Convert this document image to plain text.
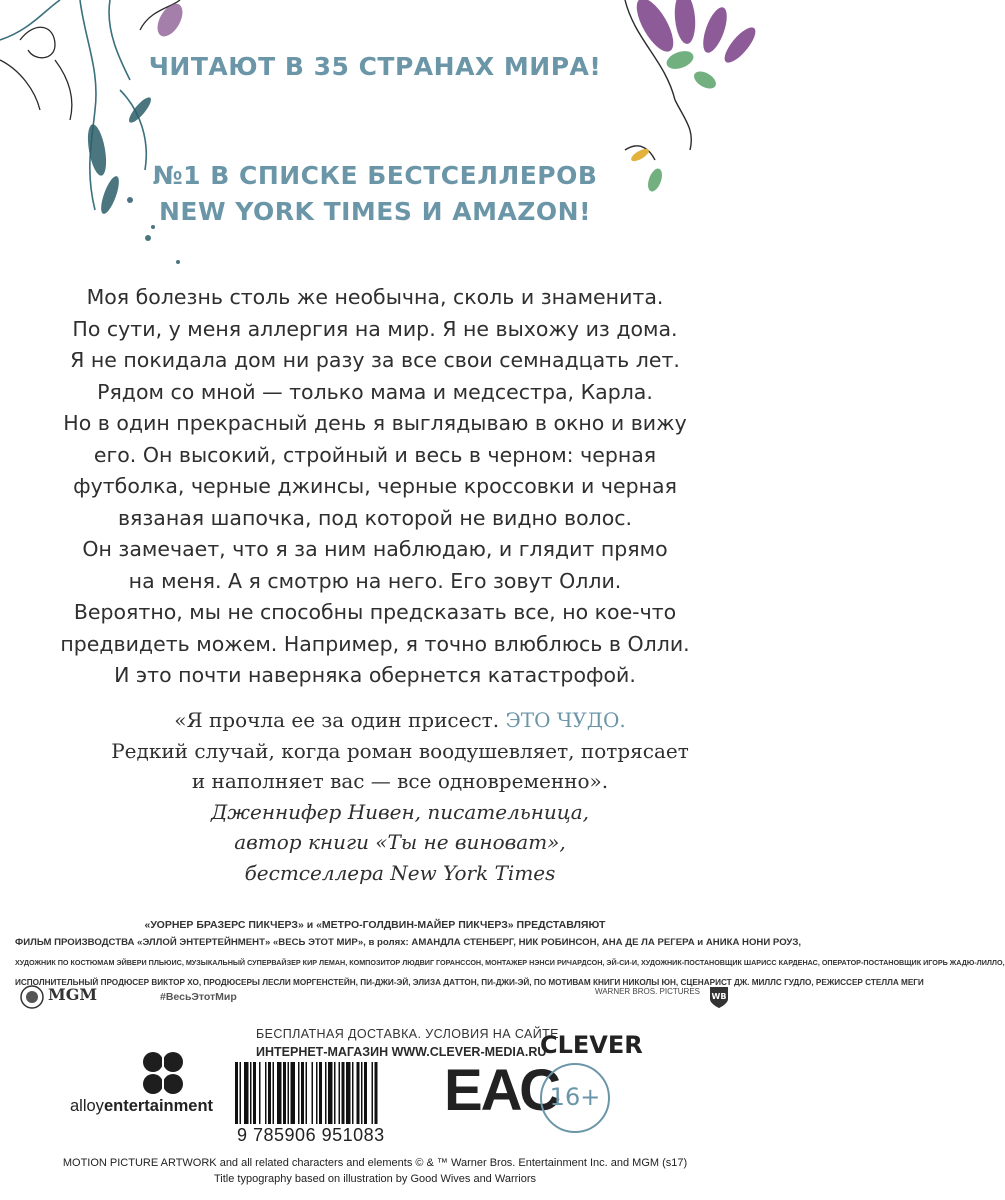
ЧИТАЮТ В 35 СТРАНАХ МИРА!
№1 В СПИСКЕ БЕСТСЕЛЛЕРОВ
NEW YORK TIMES И AMAZON!
Моя болезнь столь же необычна, сколь и знаменита.
По сути, у меня аллергия на мир. Я не выхожу из дома.
Я не покидала дом ни разу за все свои семнадцать лет.
Рядом со мной — только мама и медсестра, Карла.
Но в один прекрасный день я выглядываю в окно и вижу
его. Он высокий, стройный и весь в черном: черная
футболка, черные джинсы, черные кроссовки и черная
вязаная шапочка, под которой не видно волос.
Он замечает, что я за ним наблюдаю, и глядит прямо
на меня. А я смотрю на него. Его зовут Олли.
Вероятно, мы не способны предсказать все, но кое-что
предвидеть можем. Например, я точно влюблюсь в Олли.
И это почти наверняка обернется катастрофой.
«Я прочла ее за один присест. ЭТО ЧУДО.
Редкий случай, когда роман воодушевляет, потрясает
и наполняет вас — все одновременно».
Дженнифер Нивен, писательница,
автор книги «Ты не виноват»,
бестселлера New York Times
«УОРНЕР БРАЗЕРС ПИКЧЕРЗ» и «МЕТРО-ГОЛДВИН-МАЙЕР ПИКЧЕРЗ» ПРЕДСТАВЛЯЮТ
ФИЛЬМ ПРОИЗВОДСТВА «ЭЛЛОЙ ЭНТЕРТЕЙНМЕНТ» «ВЕСЬ ЭТОТ МИР», в ролях: АМАНДЛА СТЕНБЕРГ, НИК РОБИНСОН, АНА ДЕ ЛА РЕГЕРА и АНИКА НОНИ РОУЗ,
ХУДОЖНИК ПО КОСТЮМАМ ЭЙВЕРИ ПЛЬЮИС, МУЗЫКАЛЬНЫЙ СУПЕРВАЙЗЕР КИР ЛЕМАН, КОМПОЗИТОР ЛЮДВИГ ГОРАНССОН, МОНТАЖЕР НЭНСИ РИЧАРДСОН, ЭЙ-СИ-И, ХУДОЖНИК-ПОСТАНОВЩИК ШАРИСС КАРДЕНАС, ОПЕРАТОР-ПОСТАНОВЩИК ИГОРЬ ЖАДЮ-ЛИЛЛО,
ИСПОЛНИТЕЛЬНЫЙ ПРОДЮСЕР ВИКТОР ХО, ПРОДЮСЕРЫ ЛЕСЛИ МОРГЕНСТЕЙН, ПИ-ДЖИ-ЭЙ, ЭЛИЗА ДАТТОН, ПИ-ДЖИ-ЭЙ, ПО МОТИВАМ КНИГИ НИКОЛЫ ЮН, СЦЕНАРИСТ ДЖ. МИЛЛС ГУДЛО, РЕЖИССЕР СТЕЛЛА МЕГИ
MGM	#ВесьЭтотМир	WARNER BROS. PICTURES
WB
alloyentertainment
БЕСПЛАТНАЯ ДОСТАВКА. УСЛОВИЯ НА САЙТЕ.
ИНТЕРНЕТ-МАГАЗИН WWW.CLEVER-MEDIA.RU
9 785906 951083
ЕАС
CLEVER
16+
MOTION PICTURE ARTWORK and all related characters and elements © & ™ Warner Bros. Entertainment Inc. and MGM (s17)
Title typography based on illustration by Good Wives and Warriors
